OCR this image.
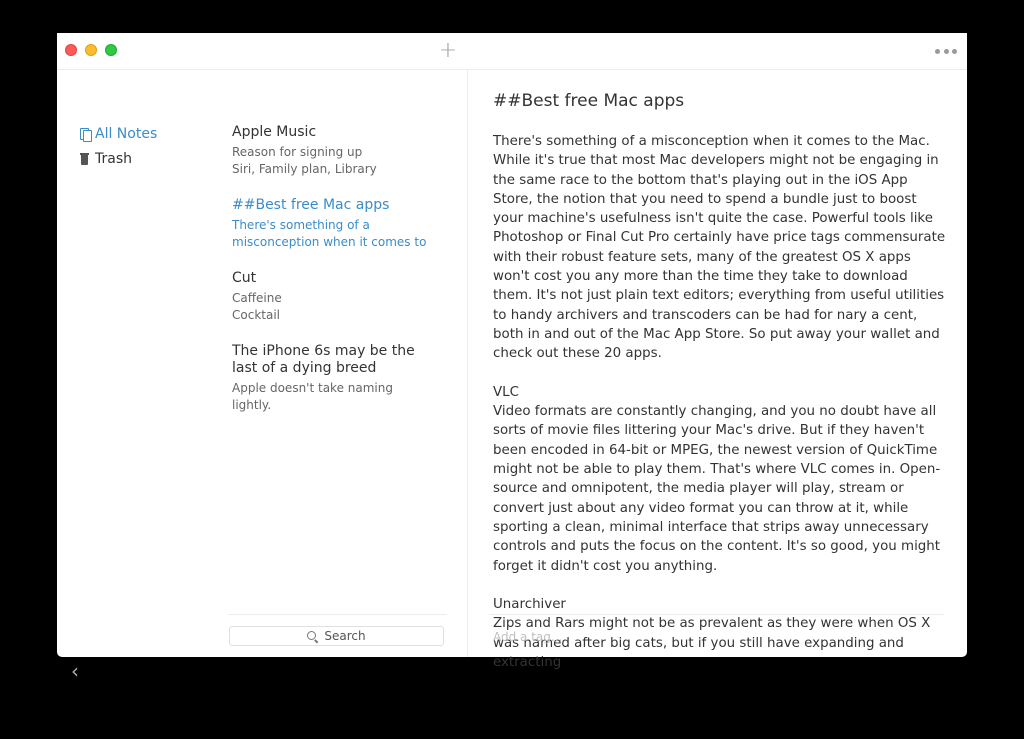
+
All Notes
Trash
‹
Apple Music
Reason for signing up
Siri, Family plan, Library
##Best free Mac apps
There's something of a
misconception when it comes to
Cut
Caffeine
Cocktail
The iPhone 6s may be the last of a dying breed
Apple doesn't take naming lightly.
Search
##Best free Mac apps

There's something of a misconception when it comes to the Mac. While it's true that most Mac developers might not be engaging in the same race to the bottom that's playing out in the iOS App Store, the notion that you need to spend a bundle just to boost your machine's usefulness isn't quite the case. Powerful tools like Photoshop or Final Cut Pro certainly have price tags commensurate with their robust feature sets, many of the greatest OS X apps won't cost you any more than the time they take to download them. It's not just plain text editors; everything from useful utilities to handy archivers and transcoders can be had for nary a cent, both in and out of the Mac App Store. So put away your wallet and check out these 20 apps.

VLC

Video formats are constantly changing, and you no doubt have all sorts of movie files littering your Mac's drive. But if they haven't been encoded in 64-bit or MPEG, the newest version of QuickTime might not be able to play them. That's where VLC comes in. Open-source and omnipotent, the media player will play, stream or convert just about any video format you can throw at it, while sporting a clean, minimal interface that strips away unnecessary controls and puts the focus on the content. It's so good, you might forget it didn't cost you anything.

Unarchiver

Zips and Rars might not be as prevalent as they were when OS X was named after big cats, but if you still have expanding and extracting

Add a tag...
